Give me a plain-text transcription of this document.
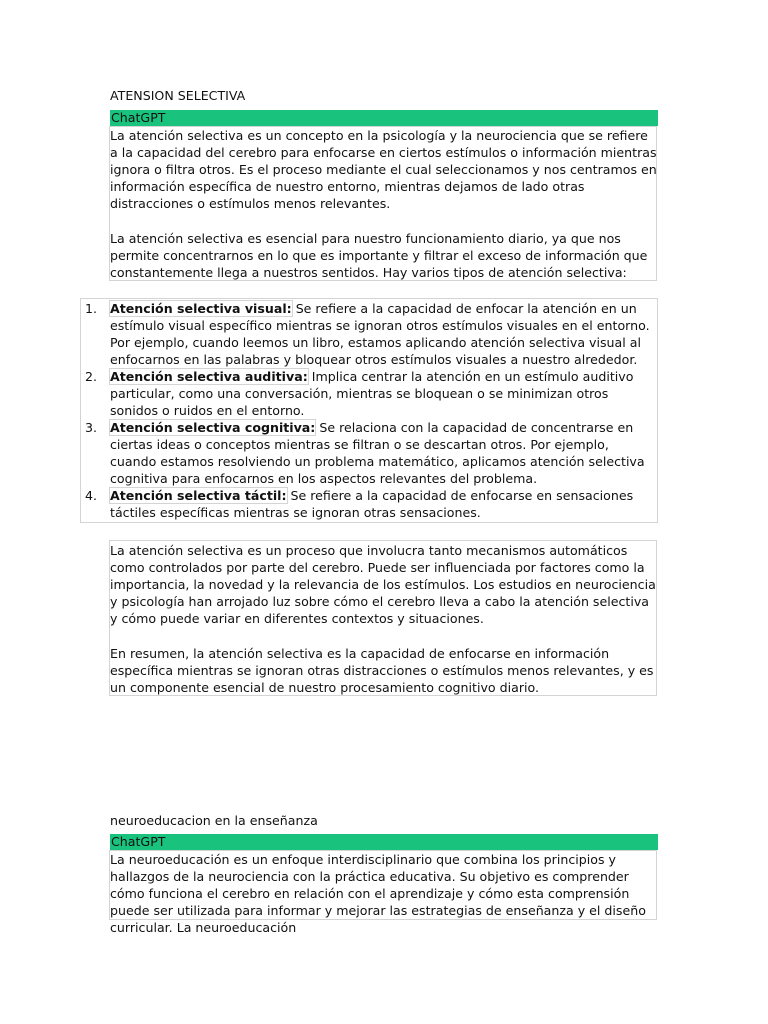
ATENSION SELECTIVA
ChatGPT

La atención selectiva es un concepto en la psicología y la neurociencia que se refiere a la capacidad del cerebro para enfocarse en ciertos estímulos o información mientras ignora o filtra otros. Es el proceso mediante el cual seleccionamos y nos centramos en información específica de nuestro entorno, mientras dejamos de lado otras distracciones o estímulos menos relevantes.

La atención selectiva es esencial para nuestro funcionamiento diario, ya que nos permite concentrarnos en lo que es importante y filtrar el exceso de información que constantemente llega a nuestros sentidos. Hay varios tipos de atención selectiva:

1. Atención selectiva visual: Se refiere a la capacidad de enfocar la atención en un estímulo visual específico mientras se ignoran otros estímulos visuales en el entorno. Por ejemplo, cuando leemos un libro, estamos aplicando atención selectiva visual al enfocarnos en las palabras y bloquear otros estímulos visuales a nuestro alrededor.
2. Atención selectiva auditiva: Implica centrar la atención en un estímulo auditivo particular, como una conversación, mientras se bloquean o se minimizan otros sonidos o ruidos en el entorno.
3. Atención selectiva cognitiva: Se relaciona con la capacidad de concentrarse en ciertas ideas o conceptos mientras se filtran o se descartan otros. Por ejemplo, cuando estamos resolviendo un problema matemático, aplicamos atención selectiva cognitiva para enfocarnos en los aspectos relevantes del problema.
4. Atención selectiva táctil: Se refiere a la capacidad de enfocarse en sensaciones táctiles específicas mientras se ignoran otras sensaciones.

La atención selectiva es un proceso que involucra tanto mecanismos automáticos como controlados por parte del cerebro. Puede ser influenciada por factores como la importancia, la novedad y la relevancia de los estímulos. Los estudios en neurociencia y psicología han arrojado luz sobre cómo el cerebro lleva a cabo la atención selectiva y cómo puede variar en diferentes contextos y situaciones.

En resumen, la atención selectiva es la capacidad de enfocarse en información específica mientras se ignoran otras distracciones o estímulos menos relevantes, y es un componente esencial de nuestro procesamiento cognitivo diario.

neuroeducacion en la enseñanza
ChatGPT

La neuroeducación es un enfoque interdisciplinario que combina los principios y hallazgos de la neurociencia con la práctica educativa. Su objetivo es comprender cómo funciona el cerebro en relación con el aprendizaje y cómo esta comprensión puede ser utilizada para informar y mejorar las estrategias de enseñanza y el diseño curricular. La neuroeducación
